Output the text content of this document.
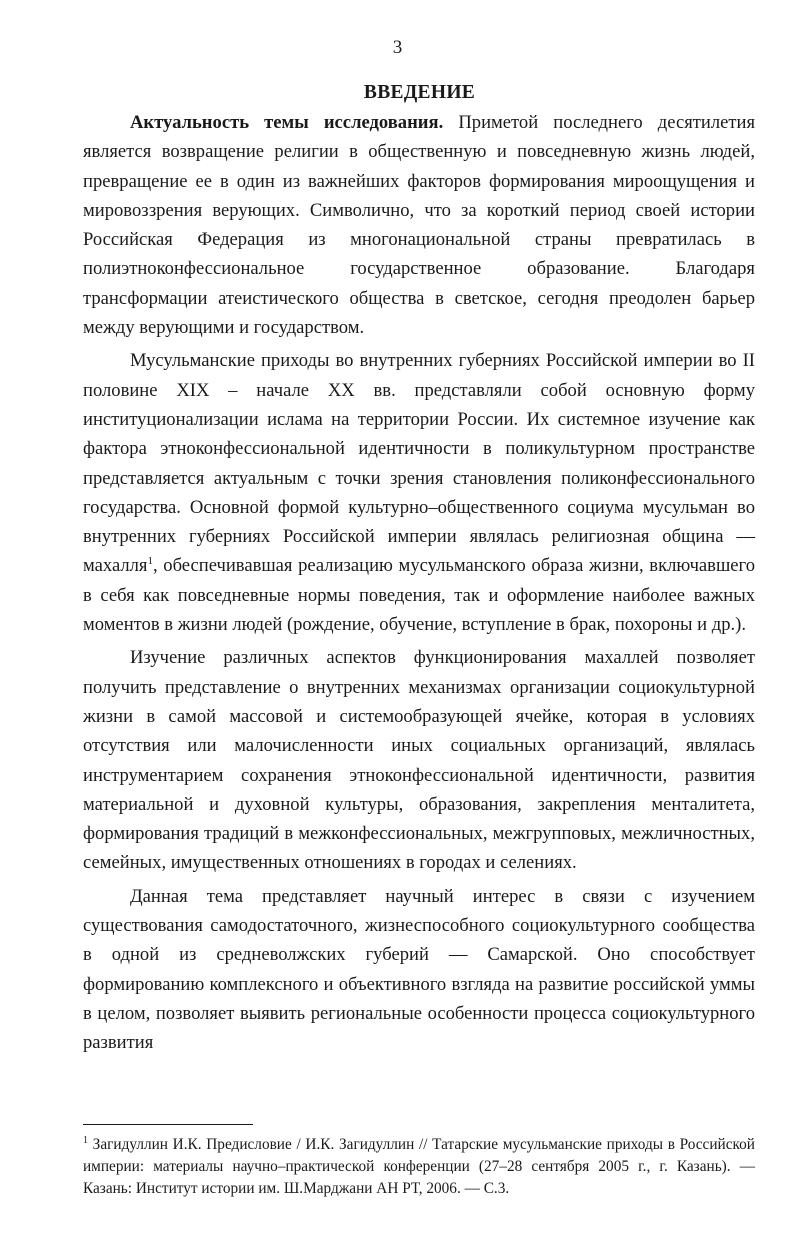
3
ВВЕДЕНИЕ

Актуальность темы исследования. Приметой последнего десятилетия является возвращение религии в общественную и повседневную жизнь людей, превращение ее в один из важнейших факторов формирования мироощущения и мировоззрения верующих. Символично, что за короткий период своей истории Российская Федерация из многонациональной страны превратилась в полиэтноконфессиональное государственное образование. Благодаря трансформации атеистического общества в светское, сегодня преодолен барьер между верующими и государством.

Мусульманские приходы во внутренних губерниях Российской империи во II половине XIX – начале XX вв. представляли собой основную форму институционализации ислама на территории России. Их системное изучение как фактора этноконфессиональной идентичности в поликультурном пространстве представляется актуальным с точки зрения становления поликонфессионального государства. Основной формой культурно–общественного социума мусульман во внутренних губерниях Российской империи являлась религиозная община — махалля$^1$, обеспечивавшая реализацию мусульманского образа жизни, включавшего в себя как повседневные нормы поведения, так и оформление наиболее важных моментов в жизни людей (рождение, обучение, вступление в брак, похороны и др.).

Изучение различных аспектов функционирования махаллей позволяет получить представление о внутренних механизмах организации социокультурной жизни в самой массовой и системообразующей ячейке, которая в условиях отсутствия или малочисленности иных социальных организаций, являлась инструментарием сохранения этноконфессиональной идентичности, развития материальной и духовной культуры, образования, закрепления менталитета, формирования традиций в межконфессиональных, межгрупповых, межличностных, семейных, имущественных отношениях в городах и селениях.

Данная тема представляет научный интерес в связи с изучением существования самодостаточного, жизнеспособного социокультурного сообщества в одной из средневолжских губерий — Самарской. Оно способствует формированию комплексного и объективного взгляда на развитие российской уммы в целом, позволяет выявить региональные особенности процесса социокультурного развития

$^1$ Загидуллин И.К. Предисловие / И.К. Загидуллин // Татарские мусульманские приходы в Российской империи: материалы научно–практической конференции (27–28 сентября 2005 г., г. Казань). — Казань: Институт истории им. Ш.Марджани АН РТ, 2006. — С.3.
